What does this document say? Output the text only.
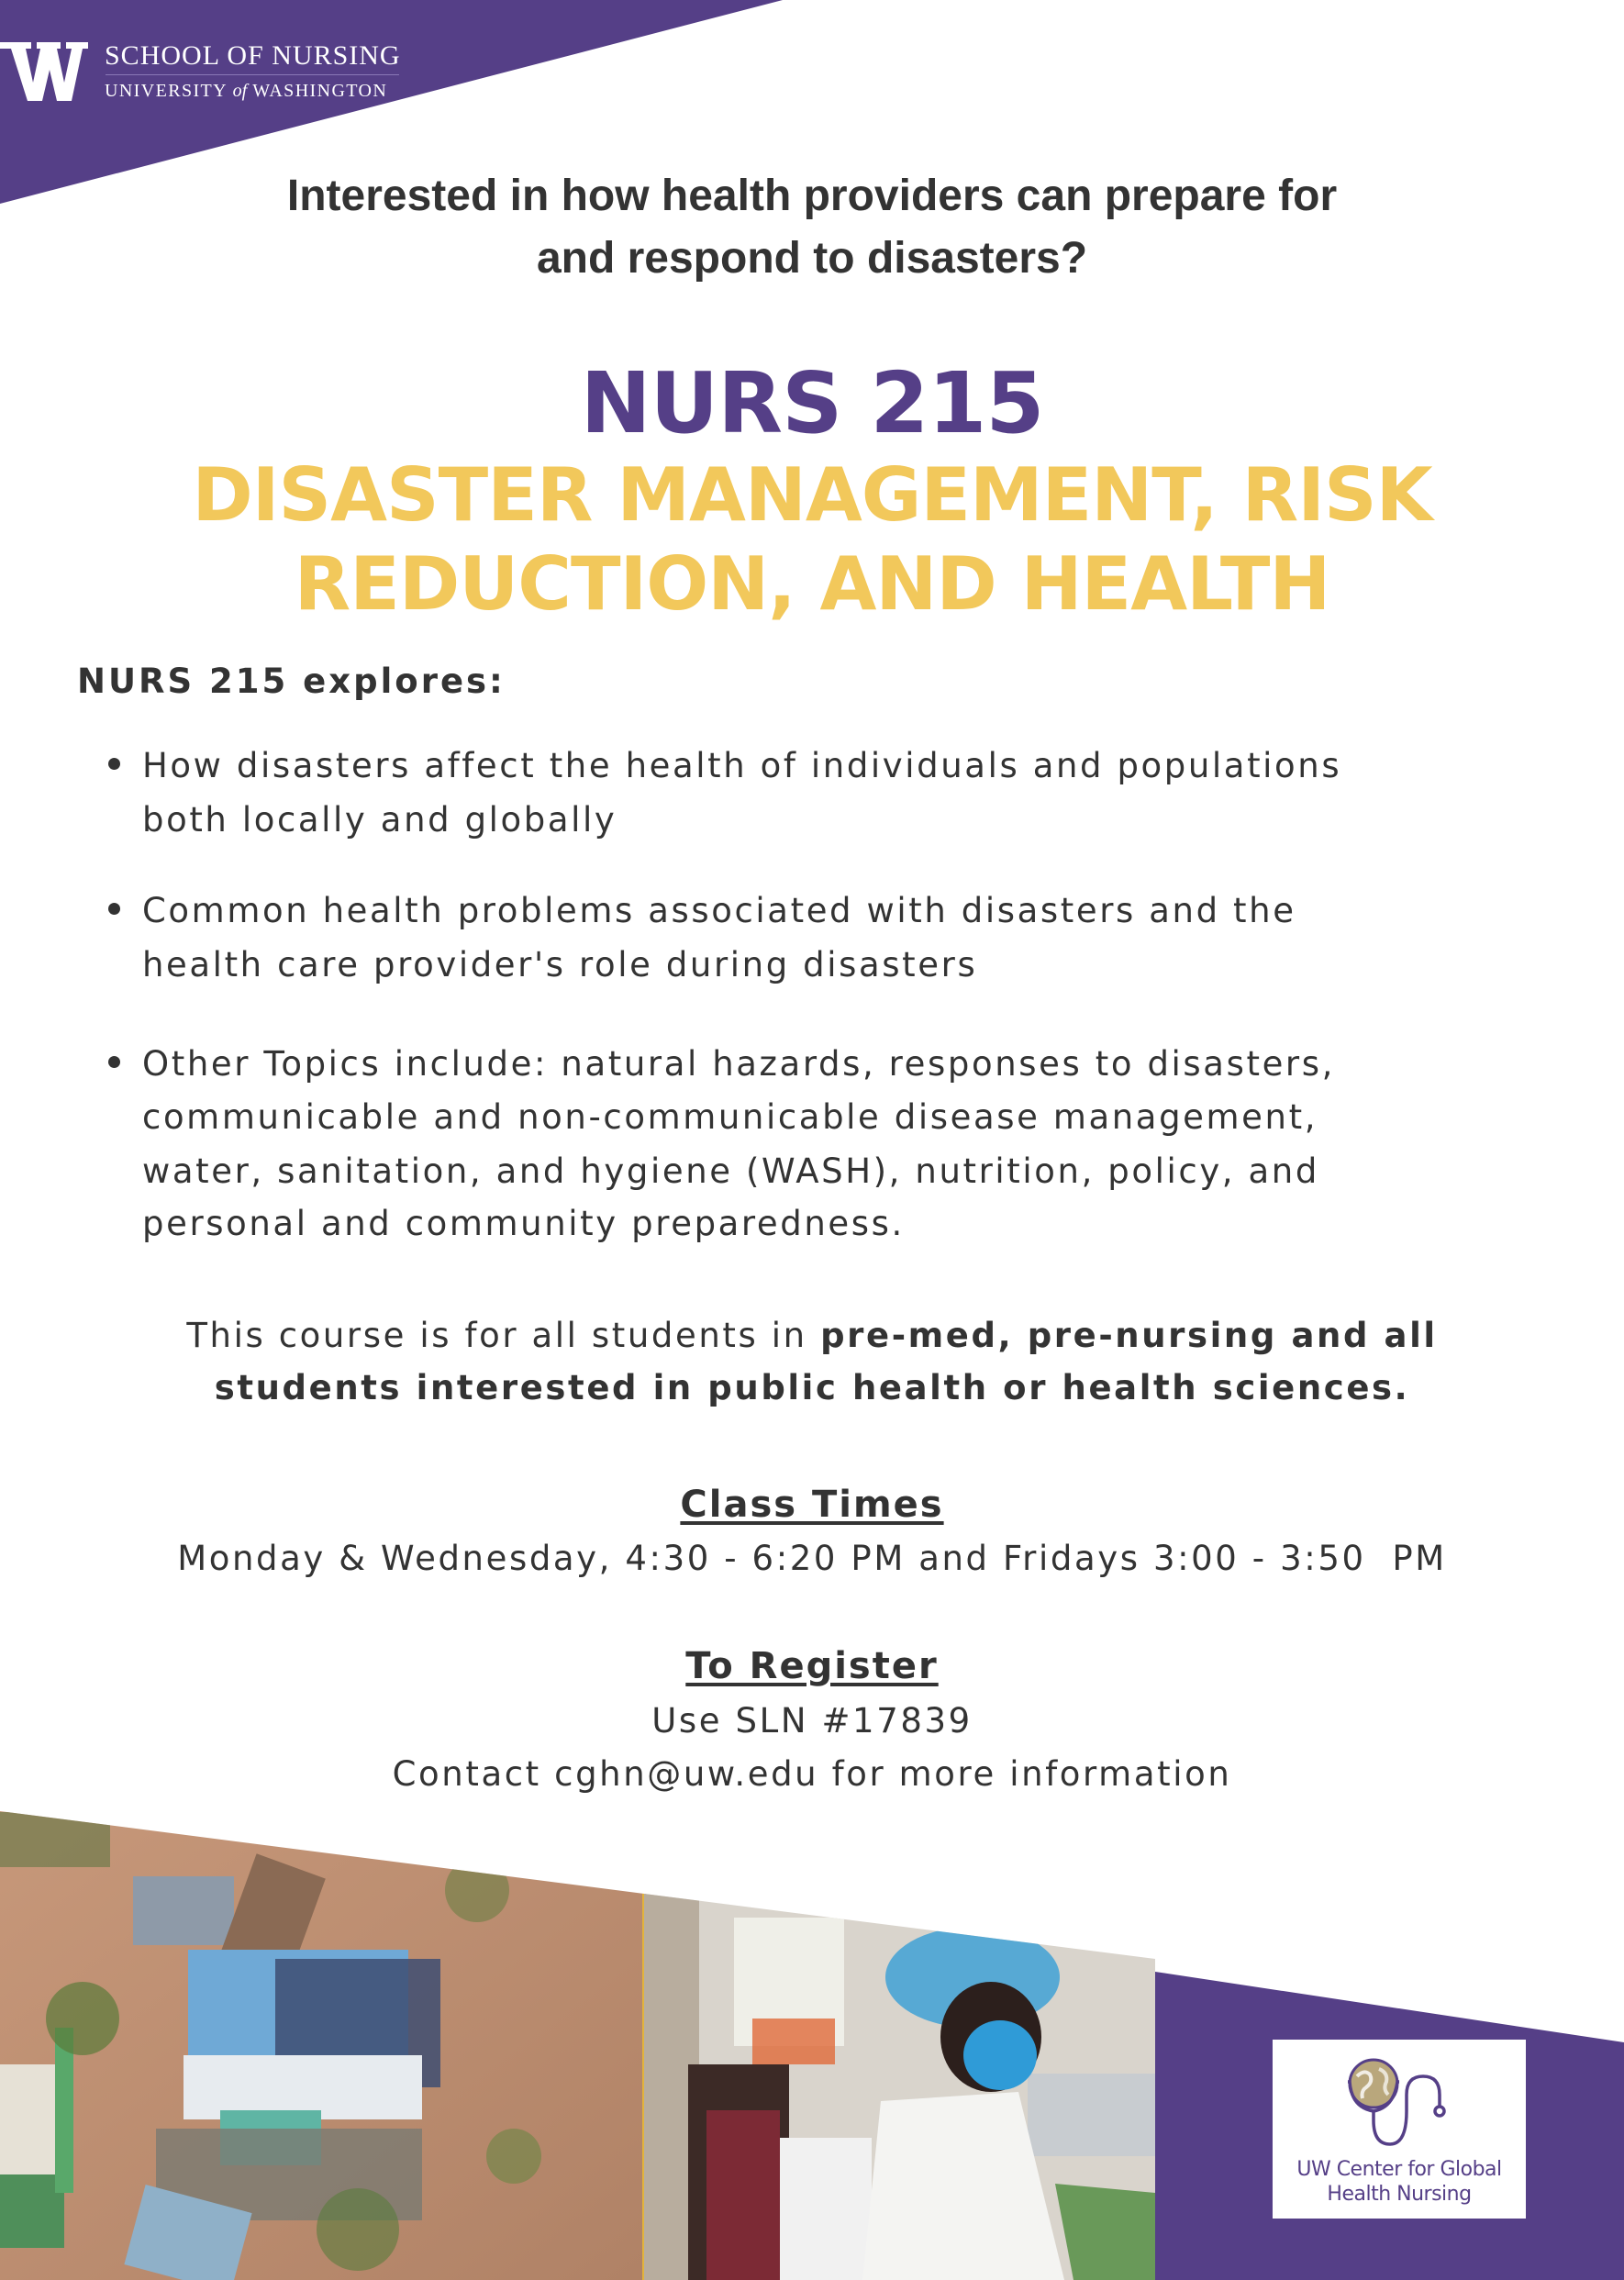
SCHOOL OF NURSING
UNIVERSITY of WASHINGTON
Interested in how health providers can prepare for
and respond to disasters?
NURS 215
DISASTER MANAGEMENT, RISK
REDUCTION, AND HEALTH
NURS 215 explores:
How disasters affect the health of individuals and populations
both locally and globally
Common health problems associated with disasters and the
health care provider's role during disasters
Other Topics include: natural hazards, responses to disasters,
communicable and non-communicable disease management,
water, sanitation, and hygiene (WASH), nutrition, policy, and
personal and community preparedness.
This course is for all students in pre-med, pre-nursing and all
students interested in public health or health sciences.
Class Times
Monday & Wednesday, 4:30 - 6:20 PM and Fridays 3:00 - 3:50  PM
To Register
Use SLN #17839
Contact cghn@uw.edu for more information
UW Center for Global
Health Nursing
